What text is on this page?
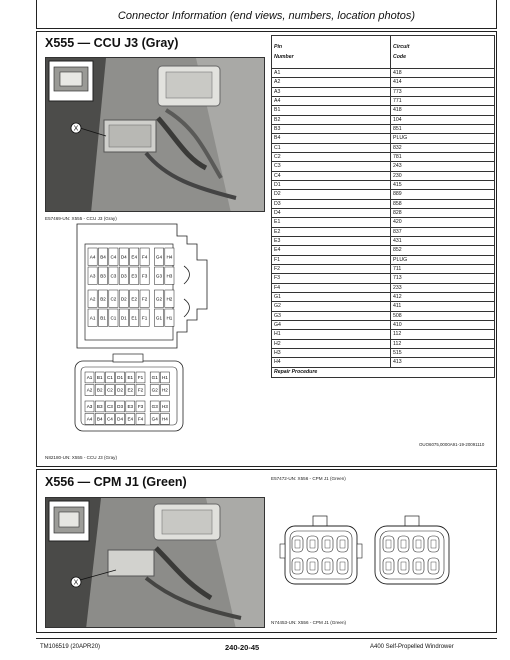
Connector Information (end views, numbers, location photos)
X555 — CCU J3 (Gray)
X
E57469-UN: X555 - CCU J3 (Gray)
A4 B4 C4 D4 E4 F4 G4 H4
A3 B3 C3 D3 E3 F3 G3 H3
A2 B2 C2 D2 E2 F2 G2 H2
A1 B1 C1 D1 E1 F1 G1 H1
A1 B1 C1 D1 E1 F1 G1 H1
A2 B2 C2 D2 E2 F2 G2 H2
A3 B3 C3 D3 E3 F3 G3 H3
A4 B4 C4 D4 E4 F4 G4 H4
N82180-UN: X555 - CCU J3 (Gray)
Pin
Number	Circuit
Code
A1	418
A2	414
A3	773
A4	771
B1	418
B2	104
B3	851
B4	PLUG
C1	832
C2	781
C3	243
C4	230
D1	415
D2	889
D3	858
D4	828
E1	420
E2	837
E3	431
E4	852
F1	PLUG
F2	711
F3	713
F4	233
G1	412
G2	411
G3	508
G4	410
H1	112
H2	112
H3	515
H4	413
Repair Procedure	
OUO6075,0000A91-19-20091110
X556 — CPM J1 (Green)
X
E57472-UN: X556 - CPM J1 (Green)
N74453-UN: X556 - CPM J1 (Green)
TM106519 (20APR20)	240-20-45	A400 Self-Propelled Windrower
